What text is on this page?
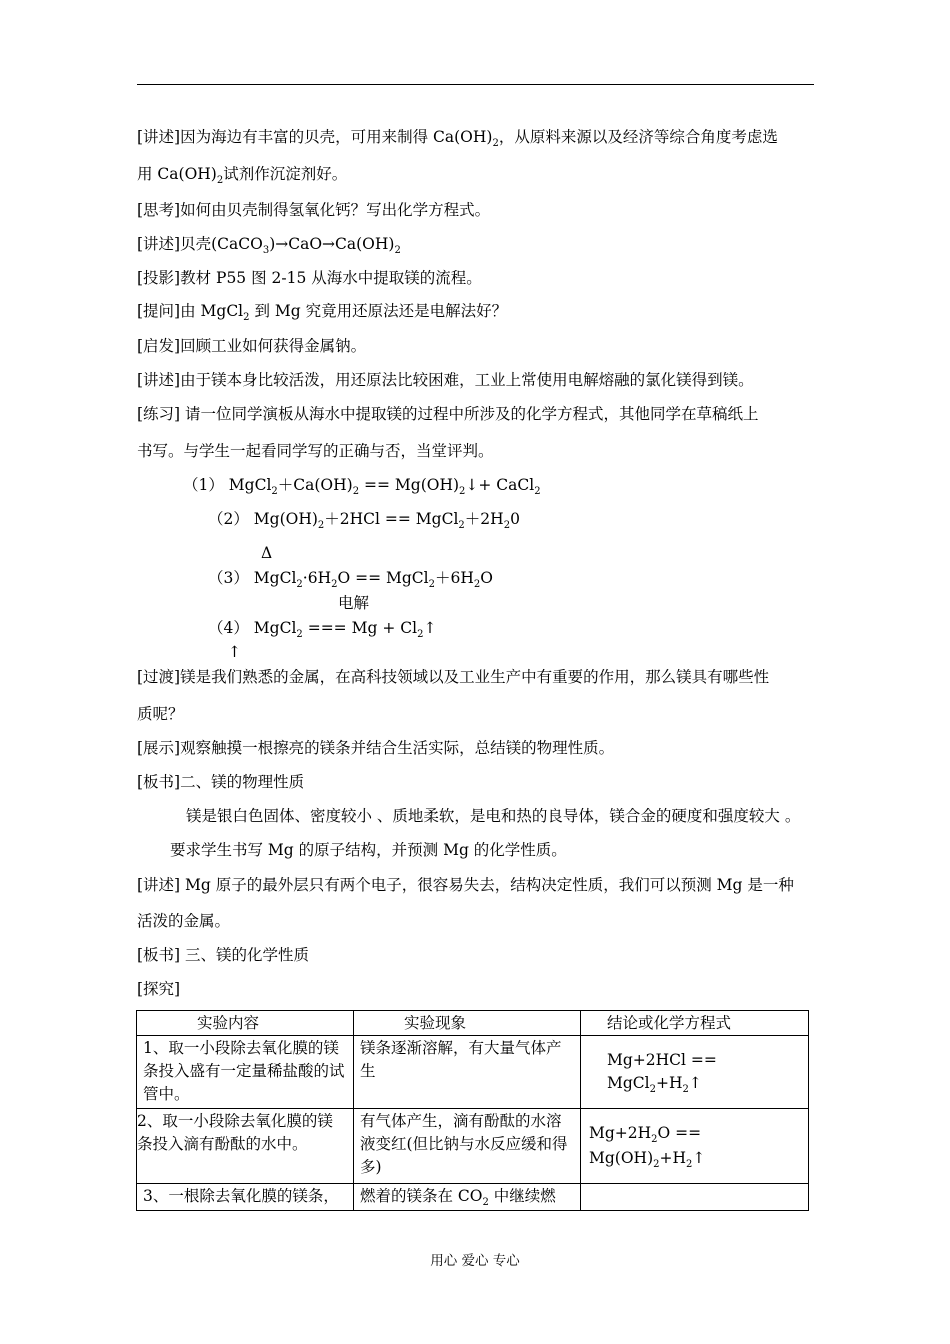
[讲述]因为海边有丰富的贝壳，可用来制得 $Ca(OH)_2$，从原料来源以及经济等综合角度考虑选
用 $Ca(OH)_2$试剂作沉淀剂好。
[思考]如何由贝壳制得氢氧化钙？写出化学方程式。
[讲述]贝壳$(CaCO_3)\to CaO\to Ca(OH)_2$
[投影]教材 P55 图 2-15 从海水中提取镁的流程。
[提问]由 MgCl$_2$ 到 Mg 究竟用还原法还是电解法好？
[启发]回顾工业如何获得金属钠。
[讲述]由于镁本身比较活泼，用还原法比较困难，工业上常使用电解熔融的氯化镁得到镁。
[练习] 请一位同学演板从海水中提取镁的过程中所涉及的化学方程式，其他同学在草稿纸上
书写。与学生一起看同学写的正确与否，当堂评判。
（1） $MgCl_2+Ca(OH)_2$ == $Mg(OH)_2↓+$ CaCl$_2$
（2） $Mg(OH)_2+2HCl$ == $MgCl_2+2H_20$
Δ
（3） $MgCl_2\cdot 6H_2O$ == $MgCl_2+6H_2O$
电解
（4） MgCl$_2$ === $Mg + Cl_2↑$
↑
[过渡]镁是我们熟悉的金属，在高科技领域以及工业生产中有重要的作用，那么镁具有哪些性
质呢？
[展示]观察触摸一根擦亮的镁条并结合生活实际，总结镁的物理性质。
[板书]二、镁的物理性质
镁是银白色固体、密度较小 、质地柔软，是电和热的良导体，镁合金的硬度和强度较大 。
要求学生书写 Mg 的原子结构，并预测 Mg 的化学性质。
[讲述] Mg 原子的最外层只有两个电子，很容易失去，结构决定性质，我们可以预测 Mg 是一种
活泼的金属。
[板书] 三、镁的化学性质
[探究]
实验内容	实验现象	结论或化学方程式
1、取一小段除去氧化膜的镁条投入盛有一定量稀盐酸的试管中。	镁条逐渐溶解，有大量气体产生	$Mg+2HCl == MgCl_2+H_2↑$
2、取一小段除去氧化膜的镁条投入滴有酚酞的水中。	有气体产生，滴有酚酞的水溶液变红(但比钠与水反应缓和得多)	$Mg+2H_2O$ == $Mg(OH)_2+H_2↑$
3、一根除去氧化膜的镁条，	燃着的镁条在 $CO_2$ 中继续燃	
用心 爱心 专心
